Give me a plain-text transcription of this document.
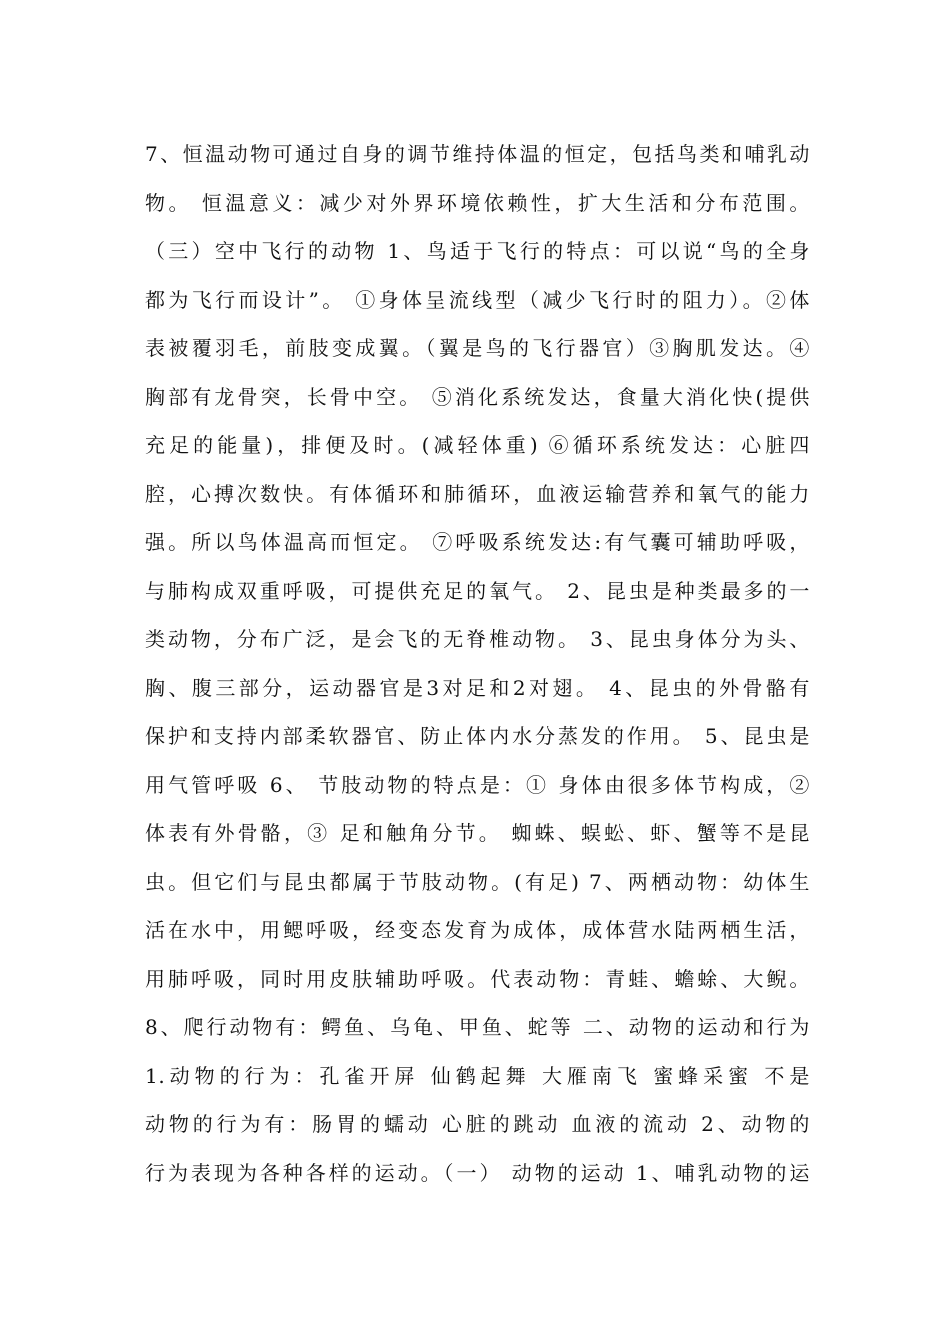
7、恒温动物可通过自身的调节维持体温的恒定，包括鸟类和哺乳动
物。 恒温意义：减少对外界环境依赖性，扩大生活和分布范围。
（三）空中飞行的动物 1、鸟适于飞行的特点：可以说“鸟的全身
都为飞行而设计”。 ①身体呈流线型（减少飞行时的阻力）。②体
表被覆羽毛，前肢变成翼。（翼是鸟的飞行器官）③胸肌发达。④
胸部有龙骨突，长骨中空。 ⑤消化系统发达，食量大消化快(提供
充足的能量)，排便及时。(减轻体重) ⑥循环系统发达：心脏四
腔，心搏次数快。有体循环和肺循环，血液运输营养和氧气的能力
强。所以鸟体温高而恒定。 ⑦呼吸系统发达:有气囊可辅助呼吸，
与肺构成双重呼吸，可提供充足的氧气。 2、昆虫是种类最多的一
类动物，分布广泛，是会飞的无脊椎动物。 3、昆虫身体分为头、
胸、腹三部分，运动器官是3对足和2对翅。 4、昆虫的外骨骼有
保护和支持内部柔软器官、防止体内水分蒸发的作用。 5、昆虫是
用气管呼吸 6、 节肢动物的特点是：① 身体由很多体节构成，②
体表有外骨骼，③ 足和触角分节。 蜘蛛、蜈蚣、虾、蟹等不是昆
虫。但它们与昆虫都属于节肢动物。(有足) 7、两栖动物：幼体生
活在水中，用鳃呼吸，经变态发育为成体，成体营水陆两栖生活，
用肺呼吸，同时用皮肤辅助呼吸。代表动物：青蛙、蟾蜍、大鲵。
8、爬行动物有：鳄鱼、乌龟、甲鱼、蛇等 二、动物的运动和行为
1.动物的行为：孔雀开屏 仙鹤起舞 大雁南飞 蜜蜂采蜜 不是
动物的行为有：肠胃的蠕动 心脏的跳动 血液的流动 2、动物的
行为表现为各种各样的运动。（一） 动物的运动 1、哺乳动物的运
